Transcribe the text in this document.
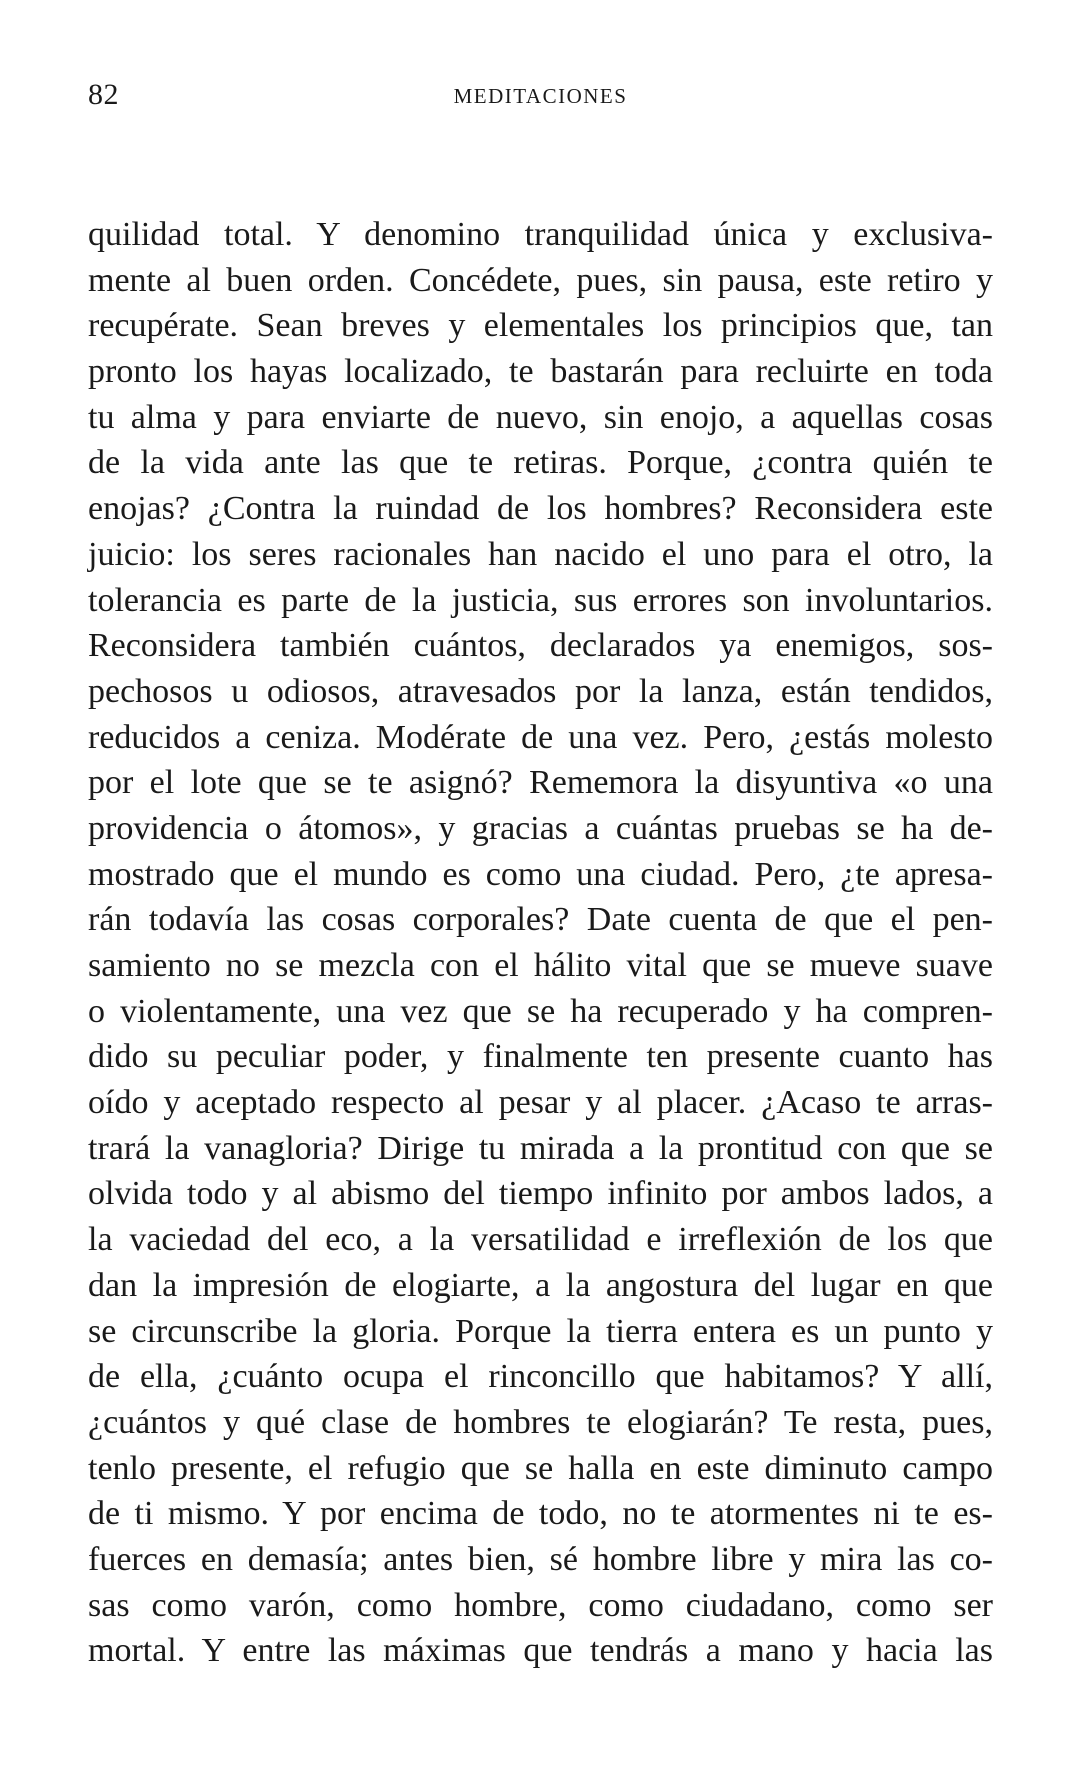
82	MEDITACIONES
quilidad total. Y denomino tranquilidad única y exclusiva-
mente al buen orden. Concédete, pues, sin pausa, este retiro y
recupérate. Sean breves y elementales los principios que, tan
pronto los hayas localizado, te bastarán para recluirte en toda
tu alma y para enviarte de nuevo, sin enojo, a aquellas cosas
de la vida ante las que te retiras. Porque, ¿contra quién te
enojas? ¿Contra la ruindad de los hombres? Reconsidera este
juicio: los seres racionales han nacido el uno para el otro, la
tolerancia es parte de la justicia, sus errores son involuntarios.
Reconsidera también cuántos, declarados ya enemigos, sos-
pechosos u odiosos, atravesados por la lanza, están tendidos,
reducidos a ceniza. Modérate de una vez. Pero, ¿estás molesto
por el lote que se te asignó? Rememora la disyuntiva «o una
providencia o átomos», y gracias a cuántas pruebas se ha de-
mostrado que el mundo es como una ciudad. Pero, ¿te apresa-
rán todavía las cosas corporales? Date cuenta de que el pen-
samiento no se mezcla con el hálito vital que se mueve suave
o violentamente, una vez que se ha recuperado y ha compren-
dido su peculiar poder, y finalmente ten presente cuanto has
oído y aceptado respecto al pesar y al placer. ¿Acaso te arras-
trará la vanagloria? Dirige tu mirada a la prontitud con que se
olvida todo y al abismo del tiempo infinito por ambos lados, a
la vaciedad del eco, a la versatilidad e irreflexión de los que
dan la impresión de elogiarte, a la angostura del lugar en que
se circunscribe la gloria. Porque la tierra entera es un punto y
de ella, ¿cuánto ocupa el rinconcillo que habitamos? Y allí,
¿cuántos y qué clase de hombres te elogiarán? Te resta, pues,
tenlo presente, el refugio que se halla en este diminuto campo
de ti mismo. Y por encima de todo, no te atormentes ni te es-
fuerces en demasía; antes bien, sé hombre libre y mira las co-
sas como varón, como hombre, como ciudadano, como ser
mortal. Y entre las máximas que tendrás a mano y hacia las
